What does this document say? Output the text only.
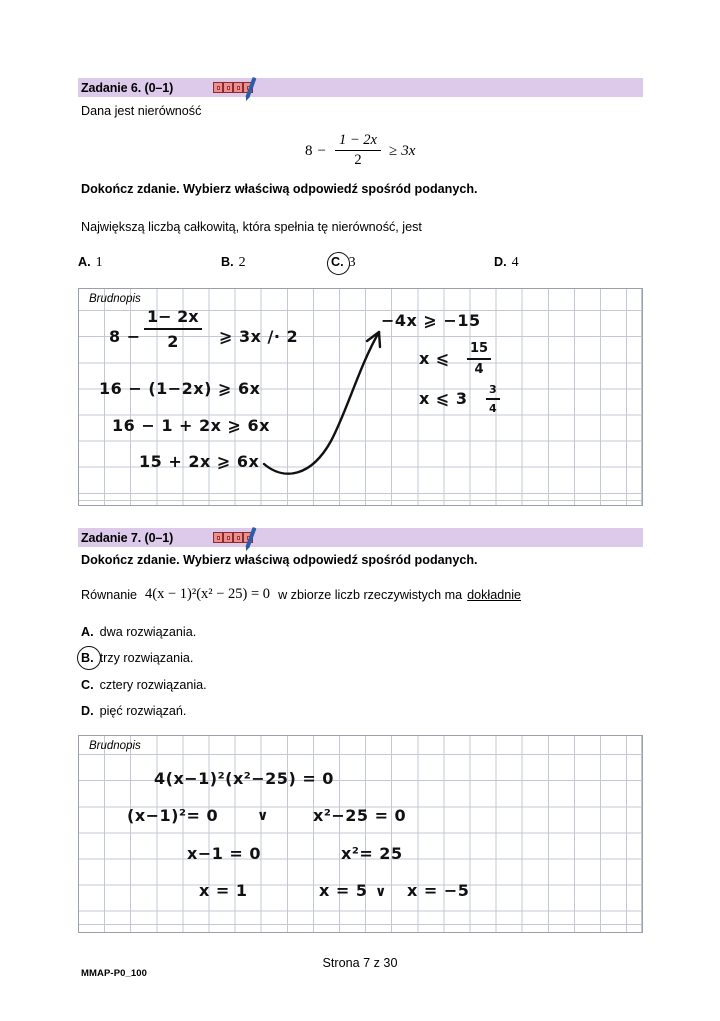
Zadanie 6. (0–1)
Dana jest nierówność
$8 - \frac{1 - 2x}{2} \ge 3x$
Dokończ zdanie. Wybierz właściwą odpowiedź spośród podanych.
Największą liczbą całkowitą, która spełnia tę nierówność, jest
A. 1	B. 2	C. 3	D. 4
Brudnopis
$8 - \frac{1- 2x}{2}$ ⩾ 3x /· 2
16 − (1−2x) ⩾ 6x
16 − 1 + 2x ⩾ 6x
15 + 2x ⩾ 6x
−4x ⩾ −15
x ⩽ $\frac{15}{4}$
x ⩽ $3 \frac{3}{4}$
Zadanie 7. (0–1)
Dokończ zdanie. Wybierz właściwą odpowiedź spośród podanych.
Równanie 4(x − 1)²(x² − 25) = 0 w zbiorze liczb rzeczywistych ma dokładnie
A. dwa rozwiązania.
B. trzy rozwiązania.
C. cztery rozwiązania.
D. pięć rozwiązań.
Brudnopis
4(x−1)²(x²−25) = 0
(x−1)²= 0	∨	x²−25 = 0
x−1 = 0	x²= 25
x = 1	x = 5 ∨ x = −5
Strona 7 z 30
MMAP-P0_100
